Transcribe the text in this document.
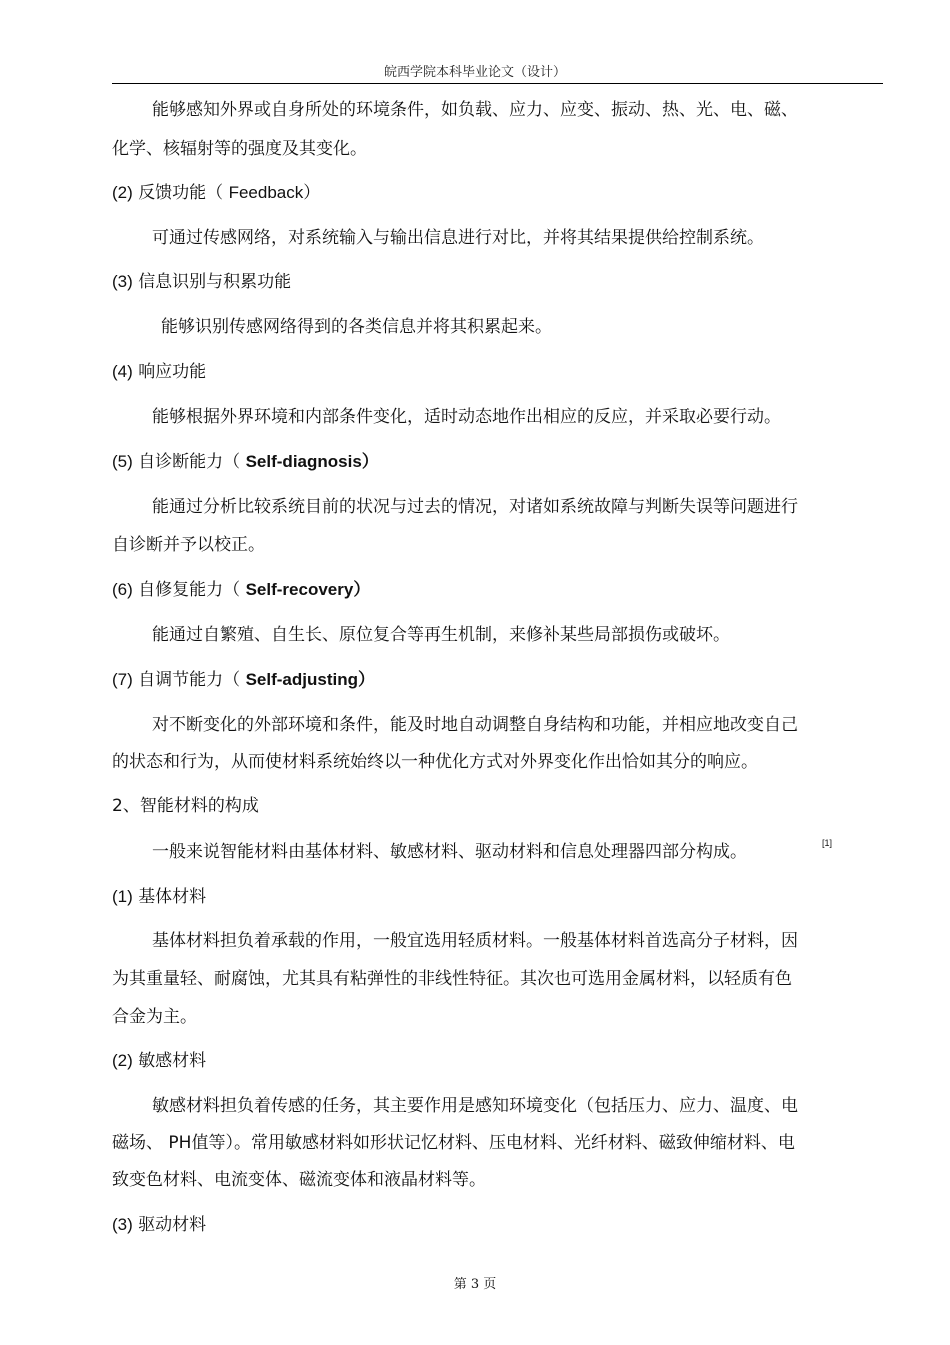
皖西学院本科毕业论文（设计）
能够感知外界或自身所处的环境条件，如负载、应力、应变、振动、热、光、电、磁、
化学、核辐射等的强度及其变化。
(2) 反馈功能（ Feedback）
可通过传感网络，对系统输入与输出信息进行对比，并将其结果提供给控制系统。
(3) 信息识别与积累功能
能够识别传感网络得到的各类信息并将其积累起来。
(4) 响应功能
能够根据外界环境和内部条件变化，适时动态地作出相应的反应，并采取必要行动。
(5) 自诊断能力（ Self-diagnosis）
能通过分析比较系统目前的状况与过去的情况，对诸如系统故障与判断失误等问题进行
自诊断并予以校正。
(6) 自修复能力（ Self-recovery）
能通过自繁殖、自生长、原位复合等再生机制，来修补某些局部损伤或破坏。
(7) 自调节能力（ Self-adjusting）
对不断变化的外部环境和条件，能及时地自动调整自身结构和功能，并相应地改变自己
的状态和行为，从而使材料系统始终以一种优化方式对外界变化作出恰如其分的响应。
2、智能材料的构成
一般来说智能材料由基体材料、敏感材料、驱动材料和信息处理器四部分构成。	[1]
(1) 基体材料
基体材料担负着承载的作用，一般宜选用轻质材料。一般基体材料首选高分子材料，因
为其重量轻、耐腐蚀，尤其具有粘弹性的非线性特征。其次也可选用金属材料，以轻质有色
合金为主。
(2) 敏感材料
敏感材料担负着传感的任务，其主要作用是感知环境变化（包括压力、应力、温度、电
磁场、 PH值等）。常用敏感材料如形状记忆材料、压电材料、光纤材料、磁致伸缩材料、电
致变色材料、电流变体、磁流变体和液晶材料等。
(3) 驱动材料
第 3 页
